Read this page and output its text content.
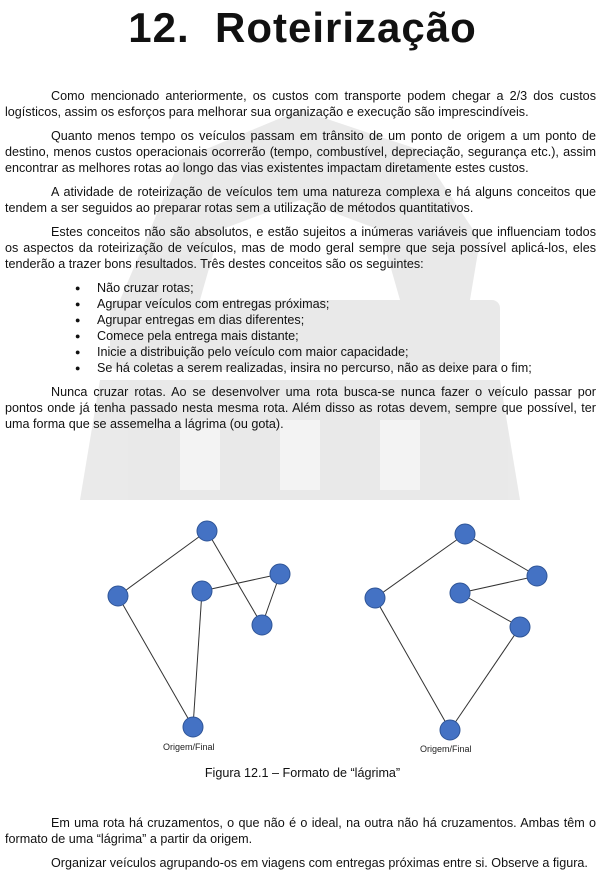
12. Roteirização

Como mencionado anteriormente, os custos com transporte podem chegar a 2/3 dos custos logísticos, assim os esforços para melhorar sua organização e execução são imprescindíveis.

Quanto menos tempo os veículos passam em trânsito de um ponto de origem a um ponto de destino, menos custos operacionais ocorrerão (tempo, combustível, depreciação, segurança etc.), assim encontrar as melhores rotas ao longo das vias existentes impactam diretamente estes custos.

A atividade de roteirização de veículos tem uma natureza complexa e há alguns conceitos que tendem a ser seguidos ao preparar rotas sem a utilização de métodos quantitativos.

Estes conceitos não são absolutos, e estão sujeitos a inúmeras variáveis que influenciam todos os aspectos da roteirização de veículos, mas de modo geral sempre que seja possível aplicá-los, eles tenderão a trazer bons resultados. Três destes conceitos são os seguintes:

● Não cruzar rotas;
● Agrupar veículos com entregas próximas;
● Agrupar entregas em dias diferentes;
● Comece pela entrega mais distante;
● Inicie a distribuição pelo veículo com maior capacidade;
● Se há coletas a serem realizadas, insira no percurso, não as deixe para o fim;

Nunca cruzar rotas. Ao se desenvolver uma rota busca-se nunca fazer o veículo passar por pontos onde já tenha passado nesta mesma rota. Além disso as rotas devem, sempre que possível, ter uma forma que se assemelha a lágrima (ou gota).

Origem/Final	Origem/Final
Figura 12.1 – Formato de “lágrima”

Em uma rota há cruzamentos, o que não é o ideal, na outra não há cruzamentos. Ambas têm o formato de uma “lágrima” a partir da origem.

Organizar veículos agrupando-os em viagens com entregas próximas entre si. Observe a figura.
